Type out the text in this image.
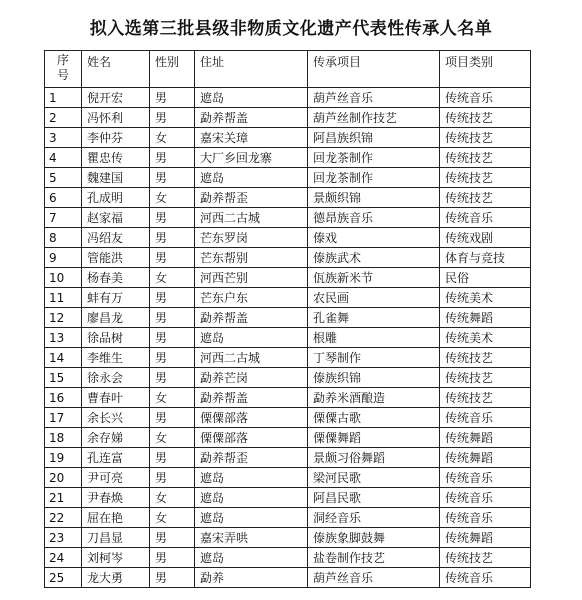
拟入选第三批县级非物质文化遗产代表性传承人名单
序
号	姓名	性别	住址	传承项目	项目类别
1	倪开宏	男	遮岛	葫芦丝音乐	传统音乐
2	冯怀利	男	勐养帮盖	葫芦丝制作技艺	传统技艺
3	李仲芬	女	嘉宋关璋	阿昌族织锦	传统技艺
4	瞿忠传	男	大厂乡回龙寨	回龙茶制作	传统技艺
5	魏建国	男	遮岛	回龙茶制作	传统技艺
6	孔成明	女	勐养帮歪	景颇织锦	传统技艺
7	赵家福	男	河西二古城	德昂族音乐	传统音乐
8	冯绍友	男	芒东罗岗	傣戏	传统戏剧
9	管能洪	男	芒东帮别	傣族武术	体育与竞技
10	杨春美	女	河西芒别	佤族新米节	民俗
11	蚌有万	男	芒东户东	农民画	传统美术
12	廖昌龙	男	勐养帮盖	孔雀舞	传统舞蹈
13	徐品树	男	遮岛	根雕	传统美术
14	李维生	男	河西二古城	丁琴制作	传统技艺
15	徐永会	男	勐养芒岗	傣族织锦	传统技艺
16	曹春叶	女	勐养帮盖	勐养米酒酿造	传统技艺
17	余长兴	男	傈僳部落	傈僳古歌	传统音乐
18	余存娣	女	傈僳部落	傈僳舞蹈	传统舞蹈
19	孔连富	男	勐养帮歪	景颇习俗舞蹈	传统舞蹈
20	尹可亮	男	遮岛	梁河民歌	传统音乐
21	尹春焕	女	遮岛	阿昌民歌	传统音乐
22	屈在艳	女	遮岛	洞经音乐	传统音乐
23	刀昌显	男	嘉宋弄哄	傣族象脚鼓舞	传统舞蹈
24	刘柯岑	男	遮岛	盐卷制作技艺	传统技艺
25	龙大勇	男	勐养	葫芦丝音乐	传统音乐
